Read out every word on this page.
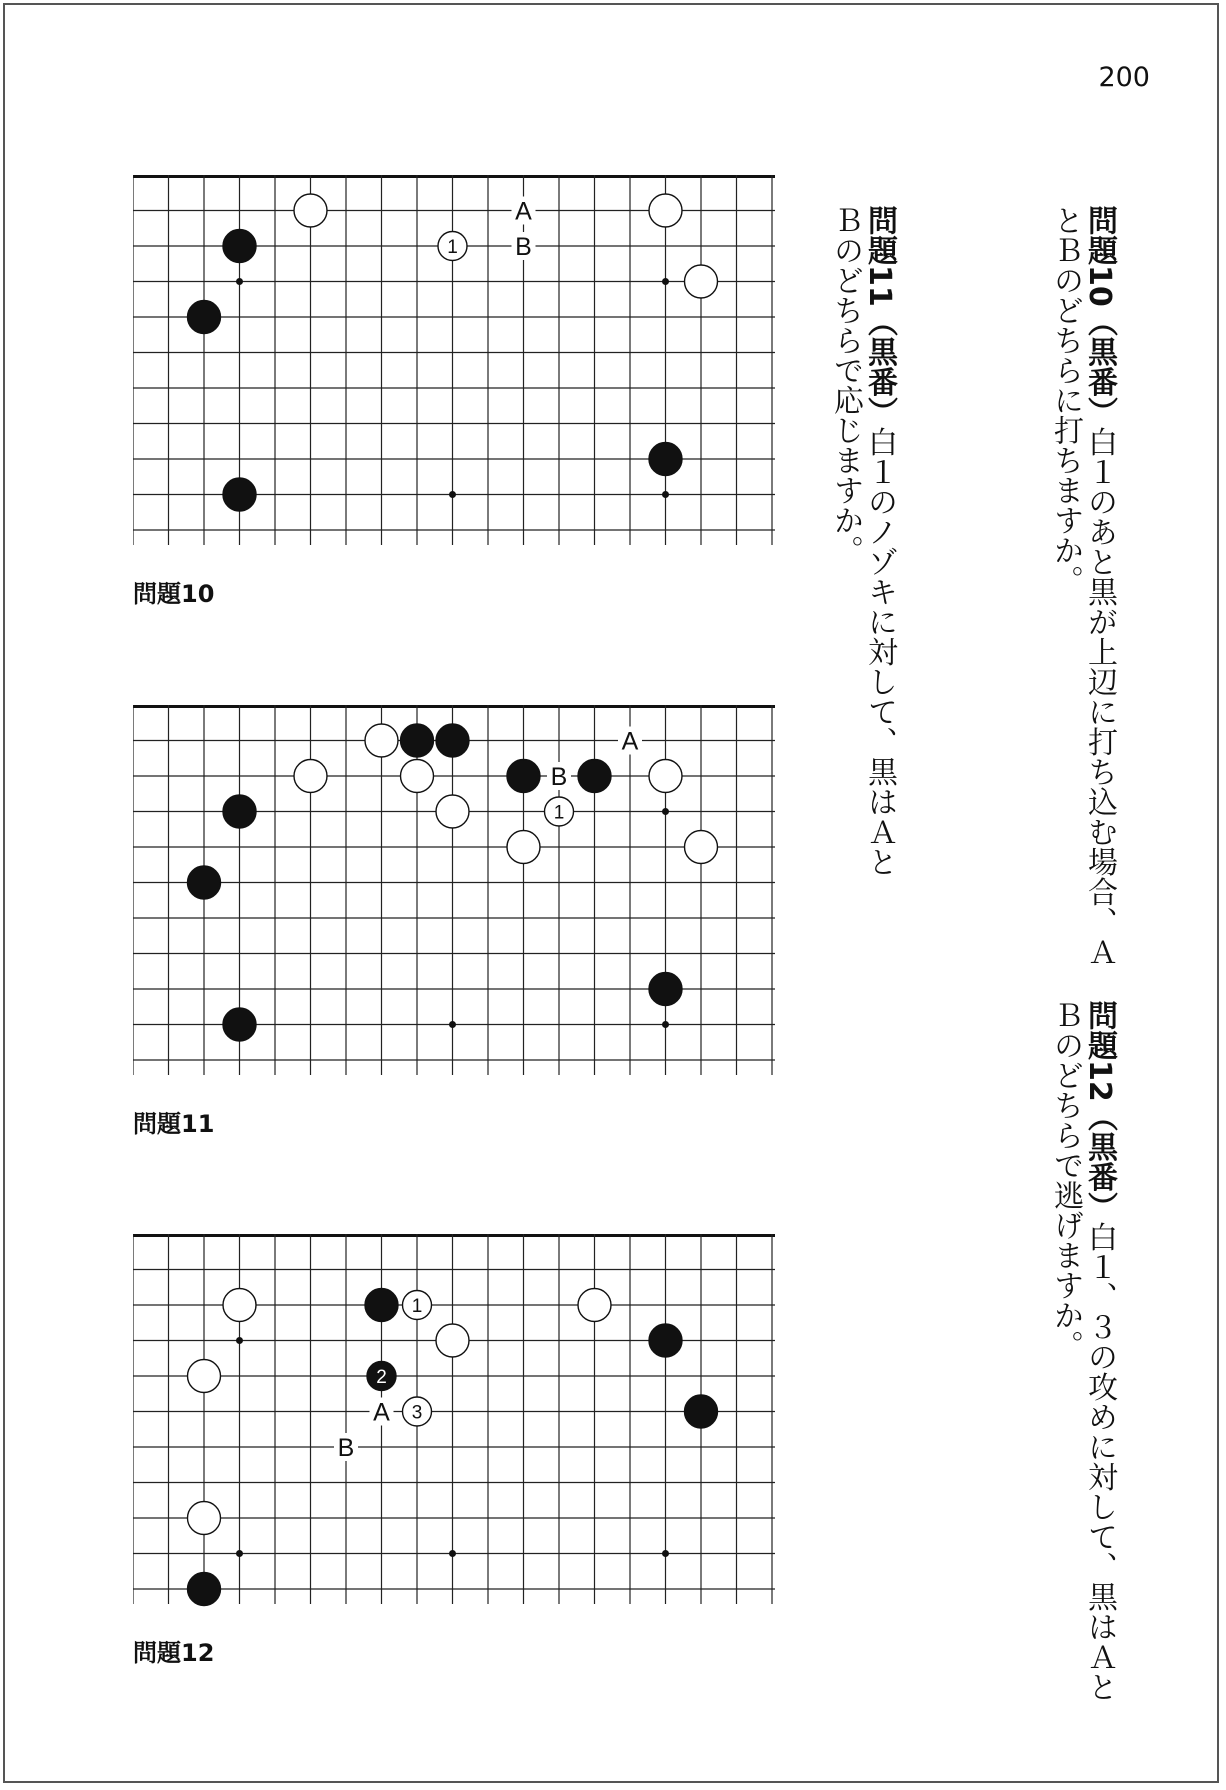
200
A
B
1
問題10
A
B
1
問題11
A
B
1
2
3
問題12
問題10（黒番）白１のあと黒が上辺に打ち込む場合、ＡとＢのどちらに打ちますか。
問題11（黒番）白１のノゾキに対して、黒はＡとＢのどちらで応じますか。
問題12（黒番）白１、３の攻めに対して、黒はＡとＢのどちらで逃げますか。
